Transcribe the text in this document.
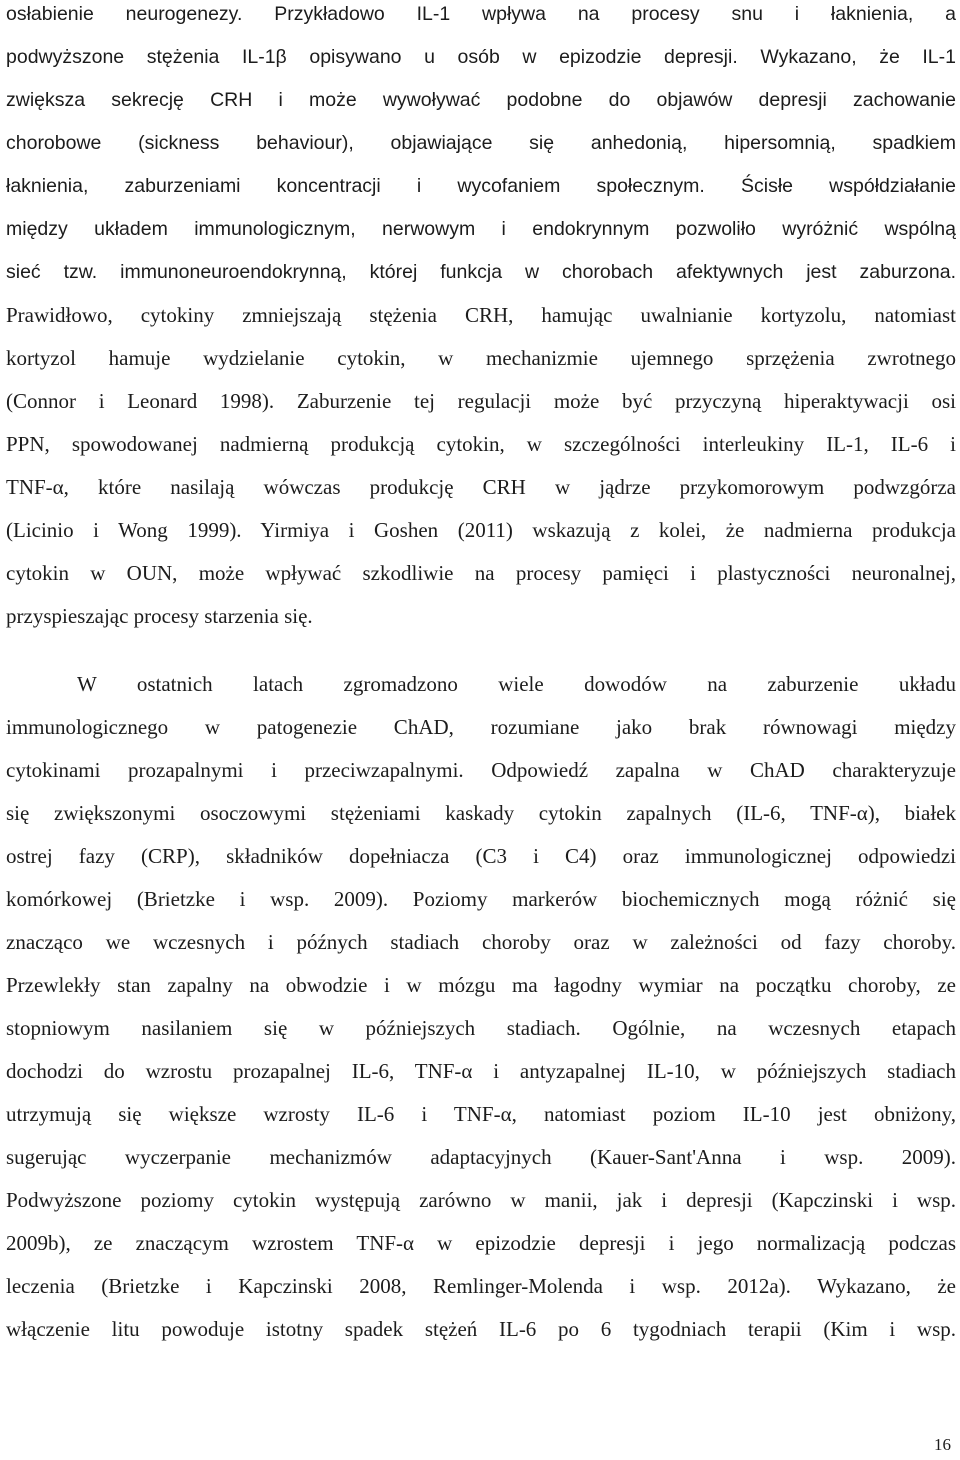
osłabienie neurogenezy. Przykładowo IL-1 wpływa na procesy snu i łaknienia, a
podwyższone stężenia IL-1β opisywano u osób w epizodzie depresji. Wykazano, że IL-1
zwiększa sekrecję CRH i może wywoływać podobne do objawów depresji zachowanie
chorobowe (sickness behaviour), objawiające się anhedonią, hipersomnią, spadkiem
łaknienia, zaburzeniami koncentracji i wycofaniem społecznym. Ścisłe współdziałanie
między układem immunologicznym, nerwowym i endokrynnym pozwoliło wyróżnić wspólną
sieć tzw. immunoneuroendokrynną, której funkcja w chorobach afektywnych jest zaburzona.
Prawidłowo, cytokiny zmniejszają stężenia CRH, hamując uwalnianie kortyzolu, natomiast
kortyzol hamuje wydzielanie cytokin, w mechanizmie ujemnego sprzężenia zwrotnego
(Connor i Leonard 1998). Zaburzenie tej regulacji może być przyczyną hiperaktywacji osi
PPN, spowodowanej nadmierną produkcją cytokin, w szczególności interleukiny IL-1, IL-6 i
TNF-α, które nasilają wówczas produkcję CRH w jądrze przykomorowym podwzgórza
(Licinio i Wong 1999). Yirmiya i Goshen (2011) wskazują z kolei, że nadmierna produkcja
cytokin w OUN, może wpływać szkodliwie na procesy pamięci i plastyczności neuronalnej,
przyspieszając procesy starzenia się.
W ostatnich latach zgromadzono wiele dowodów na zaburzenie układu
immunologicznego w patogenezie ChAD, rozumiane jako brak równowagi między
cytokinami prozapalnymi i przeciwzapalnymi. Odpowiedź zapalna w ChAD charakteryzuje
się zwiększonymi osoczowymi stężeniami kaskady cytokin zapalnych (IL-6, TNF-α), białek
ostrej fazy (CRP), składników dopełniacza (C3 i C4) oraz immunologicznej odpowiedzi
komórkowej (Brietzke i wsp. 2009). Poziomy markerów biochemicznych mogą różnić się
znacząco we wczesnych i późnych stadiach choroby oraz w zależności od fazy choroby.
Przewlekły stan zapalny na obwodzie i w mózgu ma łagodny wymiar na początku choroby, ze
stopniowym nasilaniem się w późniejszych stadiach. Ogólnie, na wczesnych etapach
dochodzi do wzrostu prozapalnej IL-6, TNF-α i antyzapalnej IL-10, w późniejszych stadiach
utrzymują się większe wzrosty IL-6 i TNF-α, natomiast poziom IL-10 jest obniżony,
sugerując wyczerpanie mechanizmów adaptacyjnych (Kauer-Sant'Anna i wsp. 2009).
Podwyższone poziomy cytokin występują zarówno w manii, jak i depresji (Kapczinski i wsp.
2009b), ze znaczącym wzrostem TNF-α w epizodzie depresji i jego normalizacją podczas
leczenia (Brietzke i Kapczinski 2008, Remlinger-Molenda i wsp. 2012a). Wykazano, że
włączenie litu powoduje istotny spadek stężeń IL-6 po 6 tygodniach terapii (Kim i wsp.
16
